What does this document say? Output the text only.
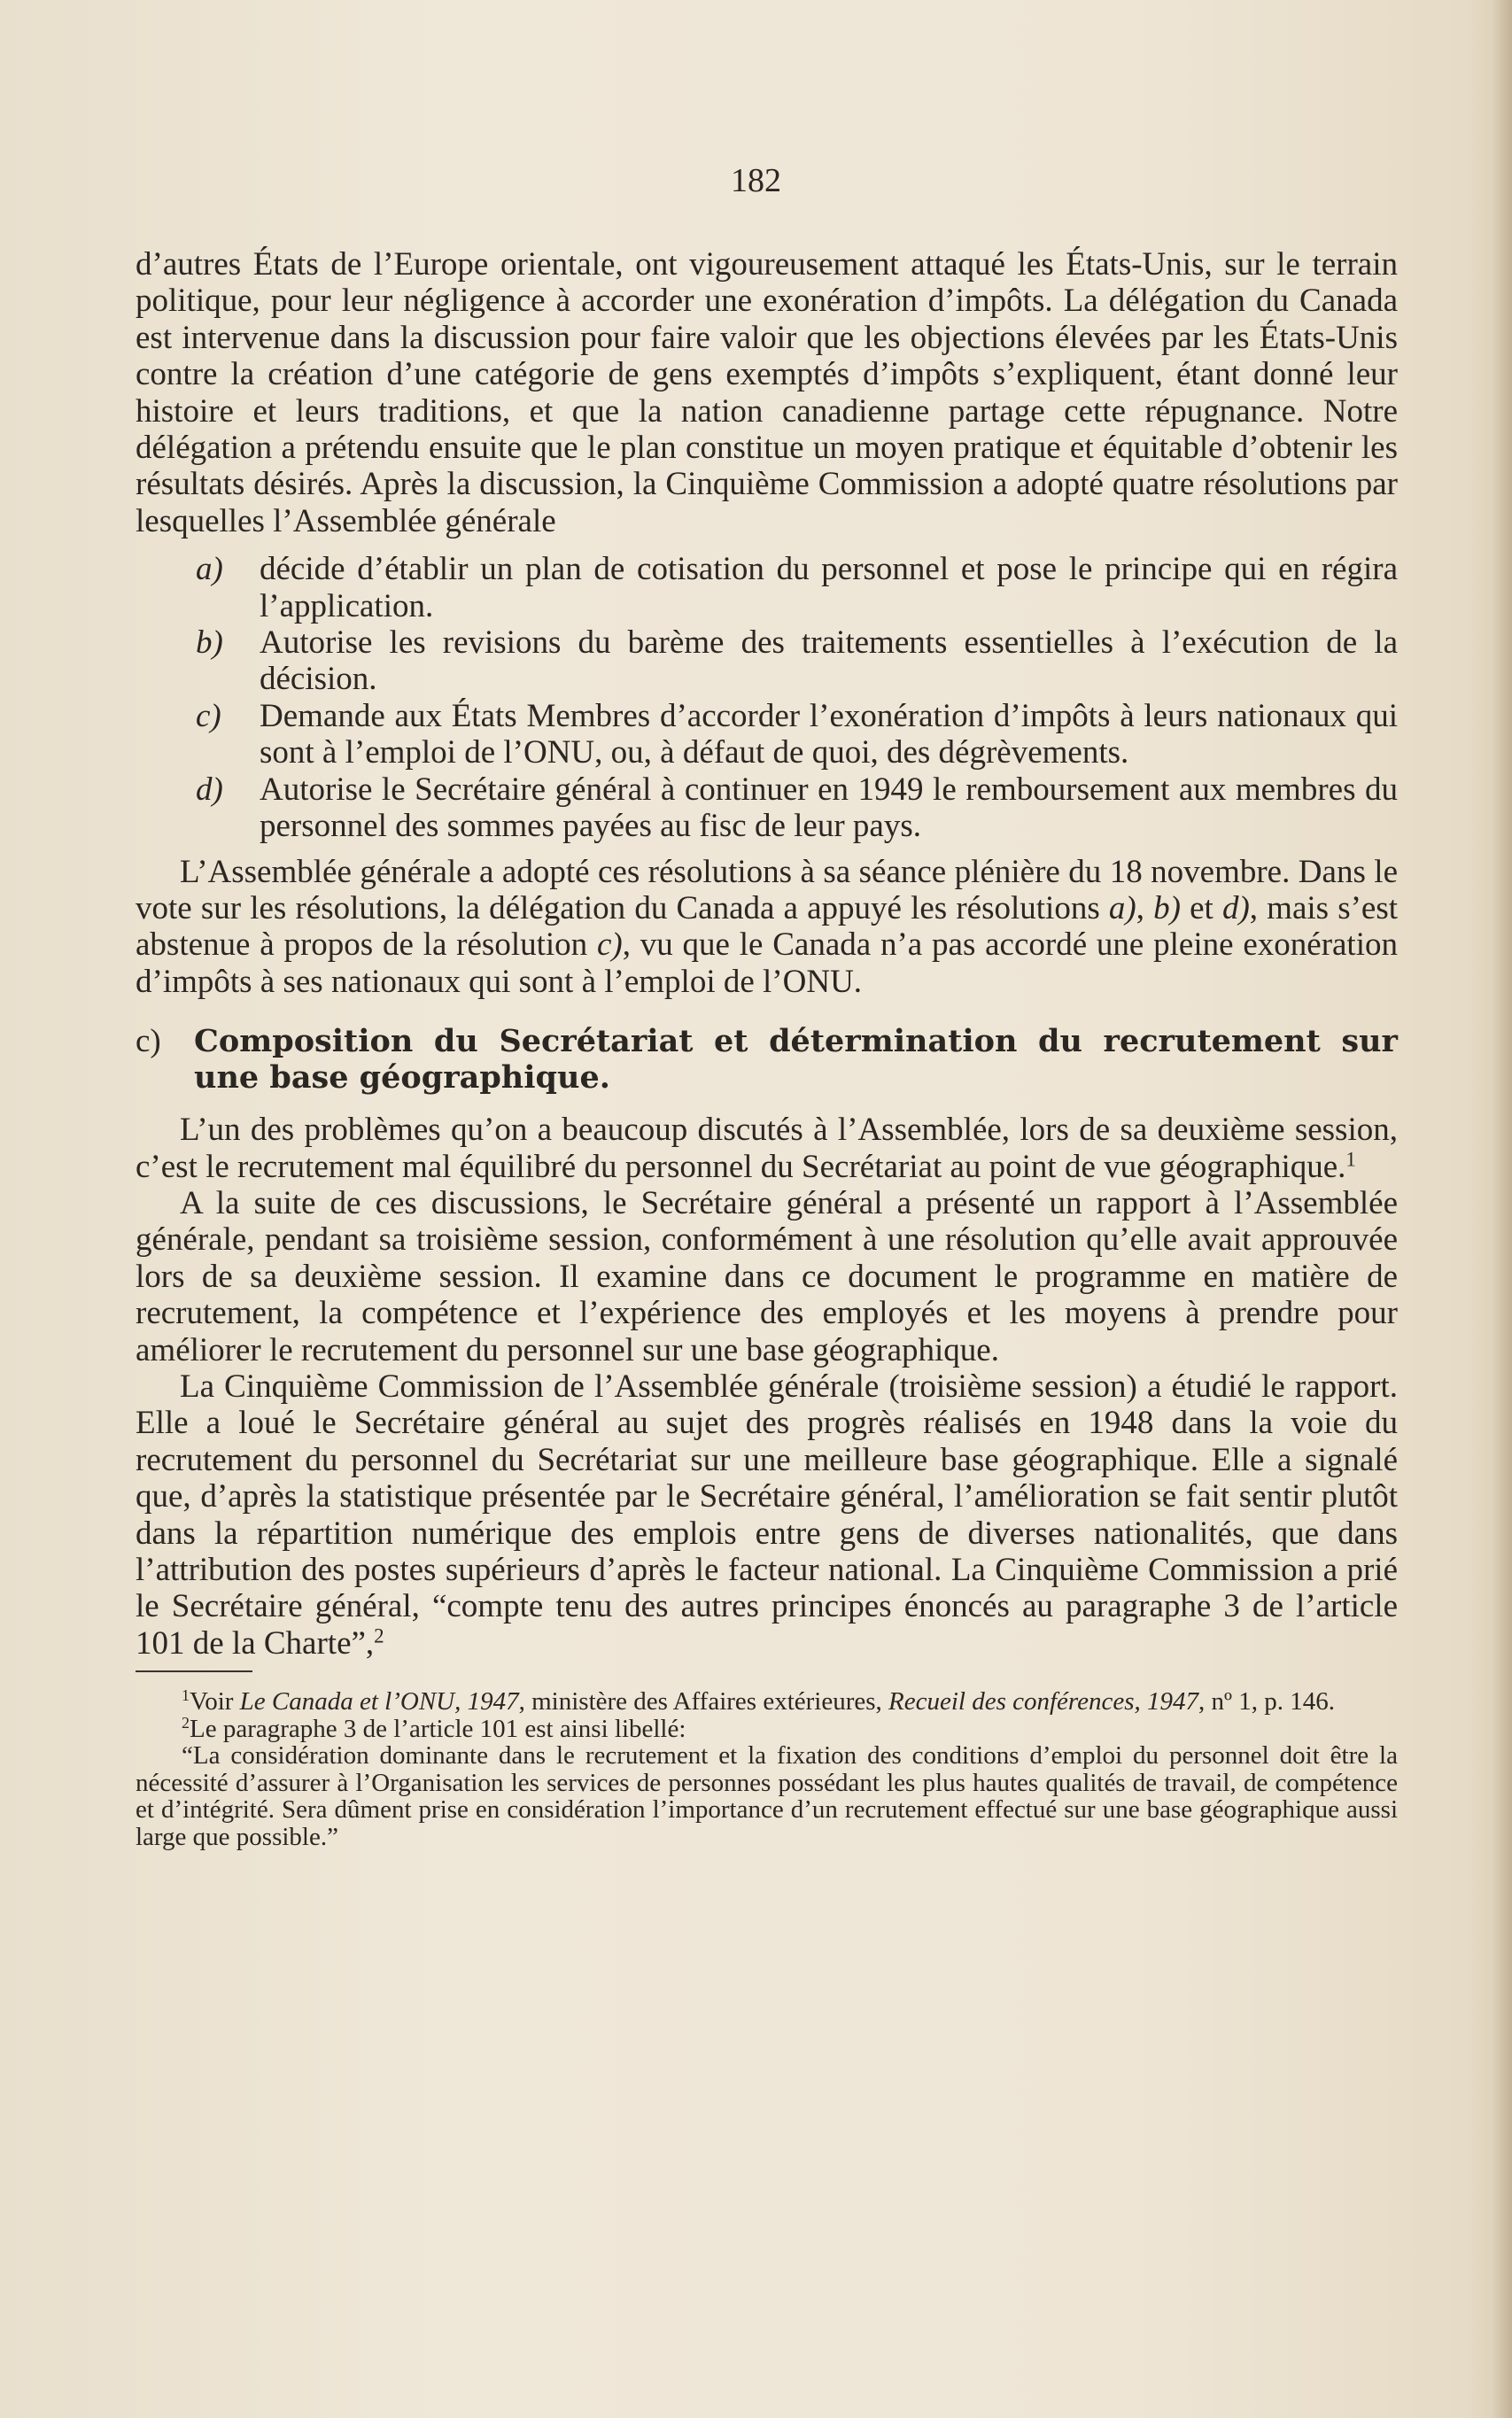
182

d’autres États de l’Europe orientale, ont vigoureusement attaqué les États-Unis, sur le terrain politique, pour leur négligence à accorder une exonération d’impôts. La délégation du Canada est intervenue dans la discussion pour faire valoir que les objections élevées par les États-Unis contre la création d’une catégorie de gens exemptés d’impôts s’expliquent, étant donné leur histoire et leurs traditions, et que la nation canadienne partage cette répugnance. Notre délégation a prétendu ensuite que le plan constitue un moyen pratique et équitable d’obtenir les résultats désirés. Après la discussion, la Cinquième Commission a adopté quatre résolutions par lesquelles l’Assemblée générale

a) décide d’établir un plan de cotisation du personnel et pose le principe qui en régira l’application.
b) Autorise les revisions du barème des traitements essentielles à l’exécution de la décision.
c) Demande aux États Membres d’accorder l’exonération d’impôts à leurs nationaux qui sont à l’emploi de l’ONU, ou, à défaut de quoi, des dégrèvements.
d) Autorise le Secrétaire général à continuer en 1949 le remboursement aux membres du personnel des sommes payées au fisc de leur pays.

L’Assemblée générale a adopté ces résolutions à sa séance plénière du 18 novembre. Dans le vote sur les résolutions, la délégation du Canada a appuyé les résolutions a), b) et d), mais s’est abstenue à propos de la résolution c), vu que le Canada n’a pas accordé une pleine exonération d’impôts à ses nationaux qui sont à l’emploi de l’ONU.

c) Composition du Secrétariat et détermination du recrutement sur une base géographique.

L’un des problèmes qu’on a beaucoup discutés à l’Assemblée, lors de sa deuxième session, c’est le recrutement mal équilibré du personnel du Secrétariat au point de vue géographique.$^1$

A la suite de ces discussions, le Secrétaire général a présenté un rapport à l’Assemblée générale, pendant sa troisième session, conformément à une résolution qu’elle avait approuvée lors de sa deuxième session. Il examine dans ce document le programme en matière de recrutement, la compétence et l’expérience des employés et les moyens à prendre pour améliorer le recrutement du personnel sur une base géographique.

La Cinquième Commission de l’Assemblée générale (troisième session) a étudié le rapport. Elle a loué le Secrétaire général au sujet des progrès réalisés en 1948 dans la voie du recrutement du personnel du Secrétariat sur une meilleure base géographique. Elle a signalé que, d’après la statistique présentée par le Secrétaire général, l’amélioration se fait sentir plutôt dans la répartition numérique des emplois entre gens de diverses nationalités, que dans l’attribution des postes supérieurs d’après le facteur national. La Cinquième Commission a prié le Secrétaire général, “compte tenu des autres principes énoncés au paragraphe 3 de l’article 101 de la Charte”,$^2$

$^1$Voir Le Canada et l’ONU, 1947, ministère des Affaires extérieures, Recueil des conférences, 1947, nº 1, p. 146.

$^2$Le paragraphe 3 de l’article 101 est ainsi libellé:

“La considération dominante dans le recrutement et la fixation des conditions d’emploi du personnel doit être la nécessité d’assurer à l’Organisation les services de personnes possédant les plus hautes qualités de travail, de compétence et d’intégrité. Sera dûment prise en considération l’importance d’un recrutement effectué sur une base géographique aussi large que possible.”
